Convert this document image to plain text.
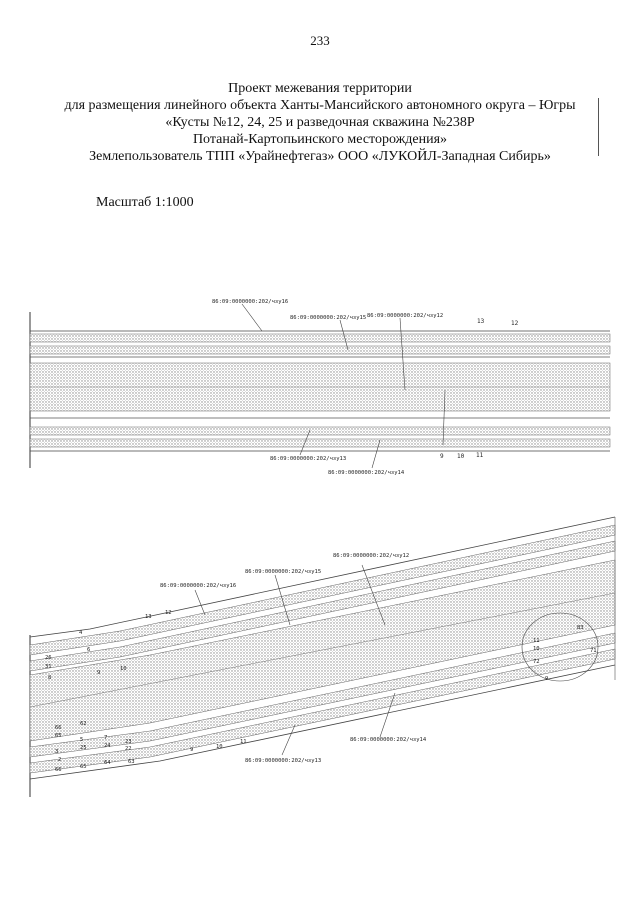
233
Проект межевания территории
для размещения линейного объекта Ханты-Мансийского автономного округа – Югры
«Кусты №12, 24, 25 и разведочная скважина №238Р
Потанай-Картопьинского месторождения»
Землепользователь ТПП «Урайнефтегаз» ООО «ЛУКОЙЛ-Западная Сибирь»
Масштаб 1:1000
86:09:0000000:202/чзу16
86:09:0000000:202/чзу15 86:09:0000000:202/чзу12
86:09:0000000:202/чзу13
86:09:0000000:202/чзу14
13	12
9 10 11
86:09:0000000:202/чзу12
86:09:0000000:202/чзу15
86:09:0000000:202/чзу16
86:09:0000000:202/чзу14
86:09:0000000:202/чзу13
4
6
26
31	10
9
13
12
8
7
62
66
65
3
25	24
23
22
5
2	64
66	65
63
9	10
11
83
71
11
10
72
9
